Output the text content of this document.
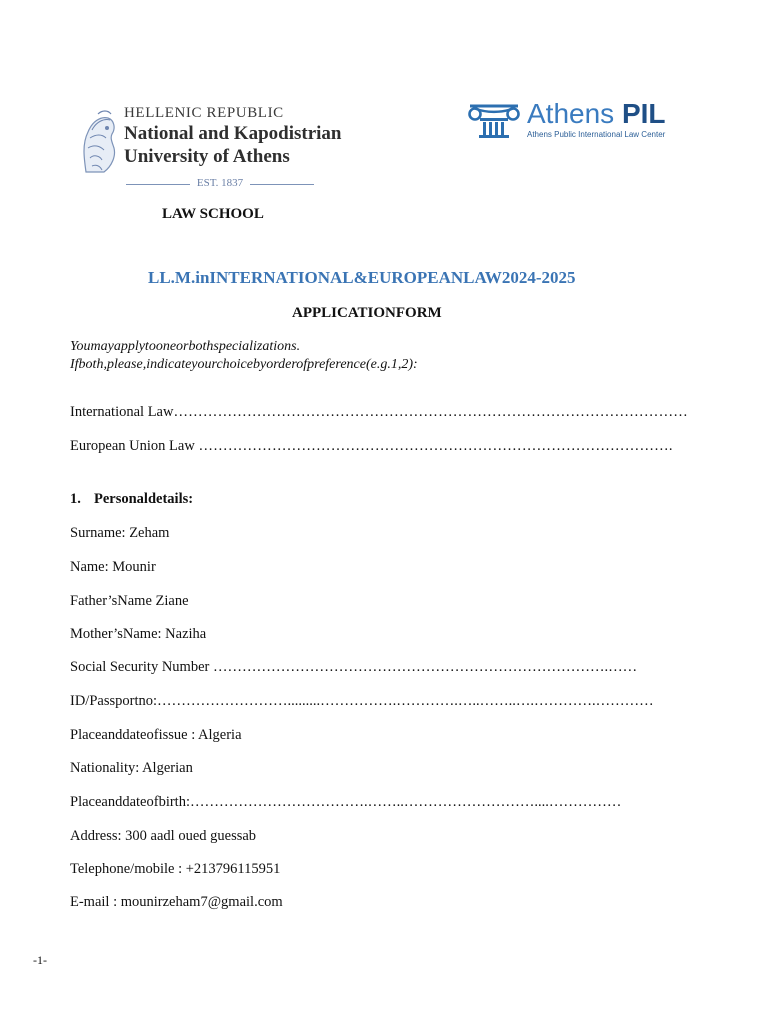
HELLENIC REPUBLIC
National and Kapodistrian
University of Athens
EST. 1837
Athens PIL
Athens Public International Law Center
LAW SCHOOL
LL.M.inINTERNATIONAL&EUROPEANLAW2024-2025
APPLICATIONFORM
Youmayapplytooneorbothspecializations.
Ifboth,please,indicateyourchoicebyorderofpreference(e.g.1,2):
International Law……………………………………………………………………………………………
European Union Law …………………………………………………………………………………….
1. Personaldetails:
Surname: Zeham
Name: Mounir
Father’sName Ziane
Mother’sName: Naziha
Social Security Number ……………………………………………………………………….……
ID/Passportno:……………………….........…………….………….…..……..….………….…………
Placeanddateofissue : Algeria
Nationality: Algerian
Placeanddateofbirth:……………………………….……..………………………....……………
Address: 300 aadl oued guessab
Telephone/mobile : +213796115951
E-mail : mounirzeham7@gmail.com
-1-
